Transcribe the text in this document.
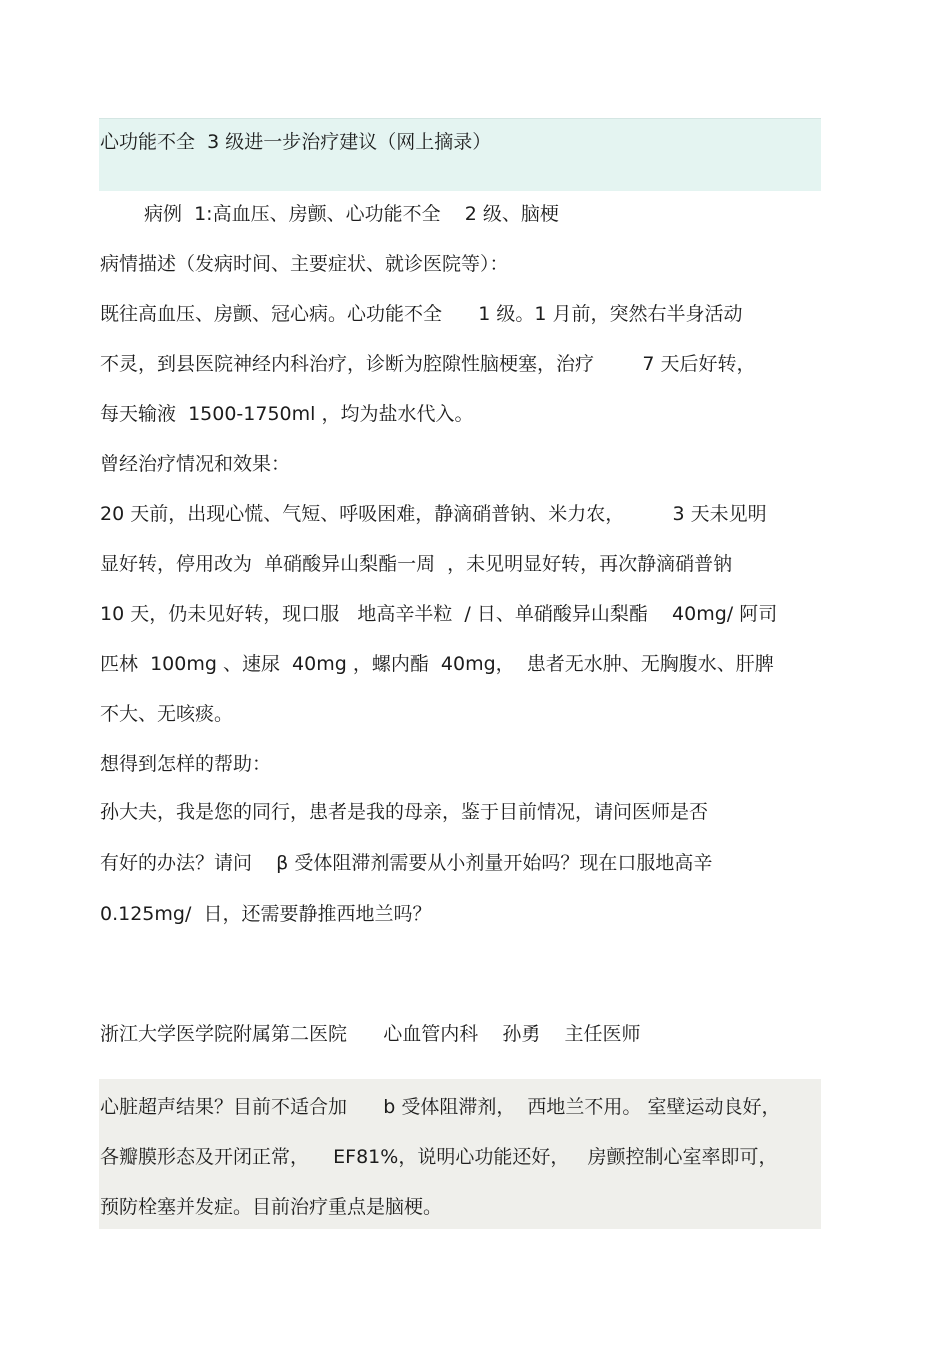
心功能不全  3 级进一步治疗建议（网上摘录）
病例  1:高血压、房颤、心功能不全    2 级、脑梗
病情描述（发病时间、主要症状、就诊医院等）：
既往高血压、房颤、冠心病。心功能不全      1 级。1 月前，突然右半身活动
不灵，到县医院神经内科治疗，诊断为腔隙性脑梗塞，治疗        7 天后好转，
每天输液  1500-1750ml ，均为盐水代入。
曾经治疗情况和效果：
20 天前，出现心慌、气短、呼吸困难，静滴硝普钠、米力农，        3 天未见明
显好转，停用改为  单硝酸异山梨酯一周  ，未见明显好转，再次静滴硝普钠
10 天，仍未见好转，现口服   地高辛半粒  / 日、单硝酸异山梨酯    40mg/ 阿司
匹林  100mg 、速尿  40mg ，螺内酯  40mg，  患者无水肿、无胸腹水、肝脾
不大、无咳痰。
想得到怎样的帮助：
孙大夫，我是您的同行，患者是我的母亲，鉴于目前情况，请问医师是否
有好的办法？请问    β 受体阻滞剂需要从小剂量开始吗？现在口服地高辛
0.125mg/  日，还需要静推西地兰吗？
浙江大学医学院附属第二医院      心血管内科    孙勇    主任医师
心脏超声结果？目前不适合加      b 受体阻滞剂，  西地兰不用。 室壁运动良好，
各瓣膜形态及开闭正常，    EF81%，说明心功能还好，   房颤控制心室率即可，
预防栓塞并发症。目前治疗重点是脑梗。
